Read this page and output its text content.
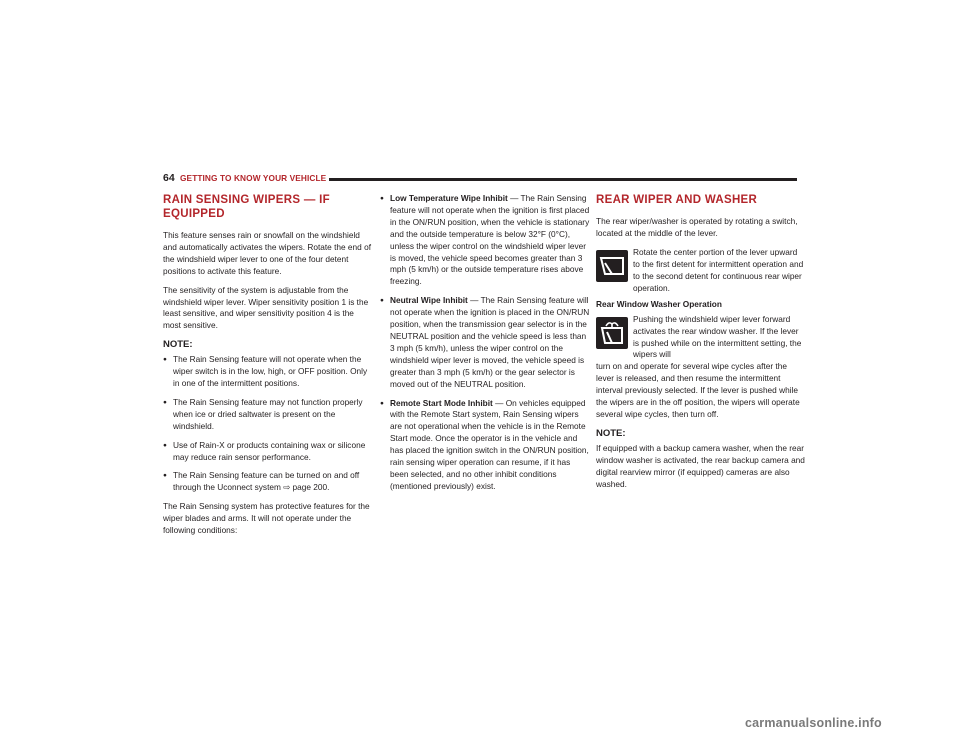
64 GETTING TO KNOW YOUR VEHICLE
RAIN SENSING WIPERS — IF EQUIPPED

This feature senses rain or snowfall on the windshield and automatically activates the wipers. Rotate the end of the windshield wiper lever to one of the four detent positions to activate this feature.

The sensitivity of the system is adjustable from the windshield wiper lever. Wiper sensitivity position 1 is the least sensitive, and wiper sensitivity position 4 is the most sensitive.

NOTE:
● The Rain Sensing feature will not operate when the wiper switch is in the low, high, or OFF position. Only in one of the intermittent positions.
● The Rain Sensing feature may not function properly when ice or dried saltwater is present on the windshield.
● Use of Rain-X or products containing wax or silicone may reduce rain sensor performance.
● The Rain Sensing feature can be turned on and off through the Uconnect system ⇨ page 200.

The Rain Sensing system has protective features for the wiper blades and arms. It will not operate under the following conditions:

● Low Temperature Wipe Inhibit — The Rain Sensing feature will not operate when the ignition is first placed in the ON/RUN position, when the vehicle is stationary and the outside temperature is below 32°F (0°C), unless the wiper control on the windshield wiper lever is moved, the vehicle speed becomes greater than 3 mph (5 km/h) or the outside temperature rises above freezing.
● Neutral Wipe Inhibit — The Rain Sensing feature will not operate when the ignition is placed in the ON/RUN position, when the transmission gear selector is in the NEUTRAL position and the vehicle speed is less than 3 mph (5 km/h), unless the wiper control on the windshield wiper lever is moved, the vehicle speed is greater than 3 mph (5 km/h) or the gear selector is moved out of the NEUTRAL position.
● Remote Start Mode Inhibit — On vehicles equipped with the Remote Start system, Rain Sensing wipers are not operational when the vehicle is in the Remote Start mode. Once the operator is in the vehicle and has placed the ignition switch in the ON/RUN position, rain sensing wiper operation can resume, if it has been selected, and no other inhibit conditions (mentioned previously) exist.
REAR WIPER AND WASHER

The rear wiper/washer is operated by rotating a switch, located at the middle of the lever.

Rotate the center portion of the lever upward to the first detent for intermittent operation and to the second detent for continuous rear wiper operation.
Rear Window Washer Operation
Pushing the windshield wiper lever forward activates the rear window washer. If the lever is pushed while on the intermittent setting, the wipers will

turn on and operate for several wipe cycles after the lever is released, and then resume the intermittent interval previously selected. If the lever is pushed while the wipers are in the off position, the wipers will operate several wipe cycles, then turn off.

NOTE:

If equipped with a backup camera washer, when the rear window washer is activated, the rear backup camera and digital rearview mirror (if equipped) cameras are also washed.

carmanualsonline.info
